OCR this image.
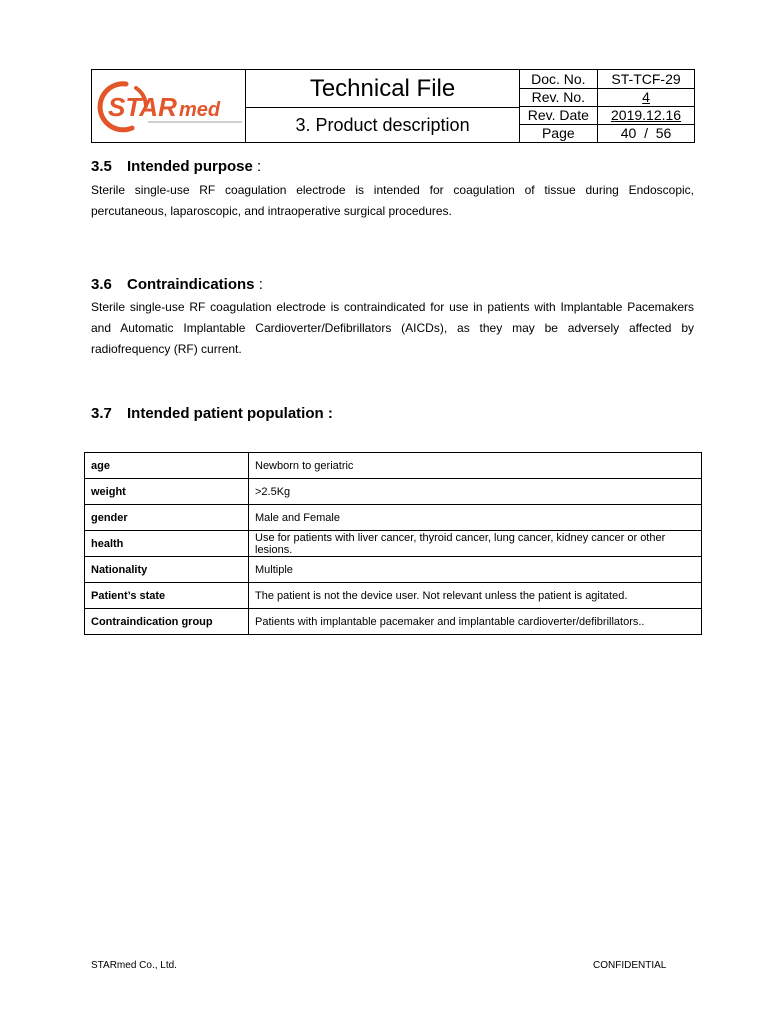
STAR med
Technical File
3. Product description
Doc. No.	ST-TCF-29
Rev. No.	4
Rev. Date	2019.12.16
Page	40  /  56
3.5 Intended purpose :
Sterile single-use RF coagulation electrode is intended for coagulation of tissue during Endoscopic, percutaneous, laparoscopic, and intraoperative surgical procedures.
3.6 Contraindications :
Sterile single-use RF coagulation electrode is contraindicated for use in patients with Implantable Pacemakers and Automatic Implantable Cardioverter/Defibrillators (AICDs), as they may be adversely affected by radiofrequency (RF) current.
3.7 Intended patient population :
age	Newborn to geriatric
weight	>2.5Kg
gender	Male and Female
health	Use for patients with liver cancer, thyroid cancer, lung cancer, kidney cancer or other lesions.
Nationality	Multiple
Patient’s state	The patient is not the device user. Not relevant unless the patient is agitated.
Contraindication group	Patients with implantable pacemaker and implantable cardioverter/defibrillators..
STARmed Co., Ltd.	CONFIDENTIAL
